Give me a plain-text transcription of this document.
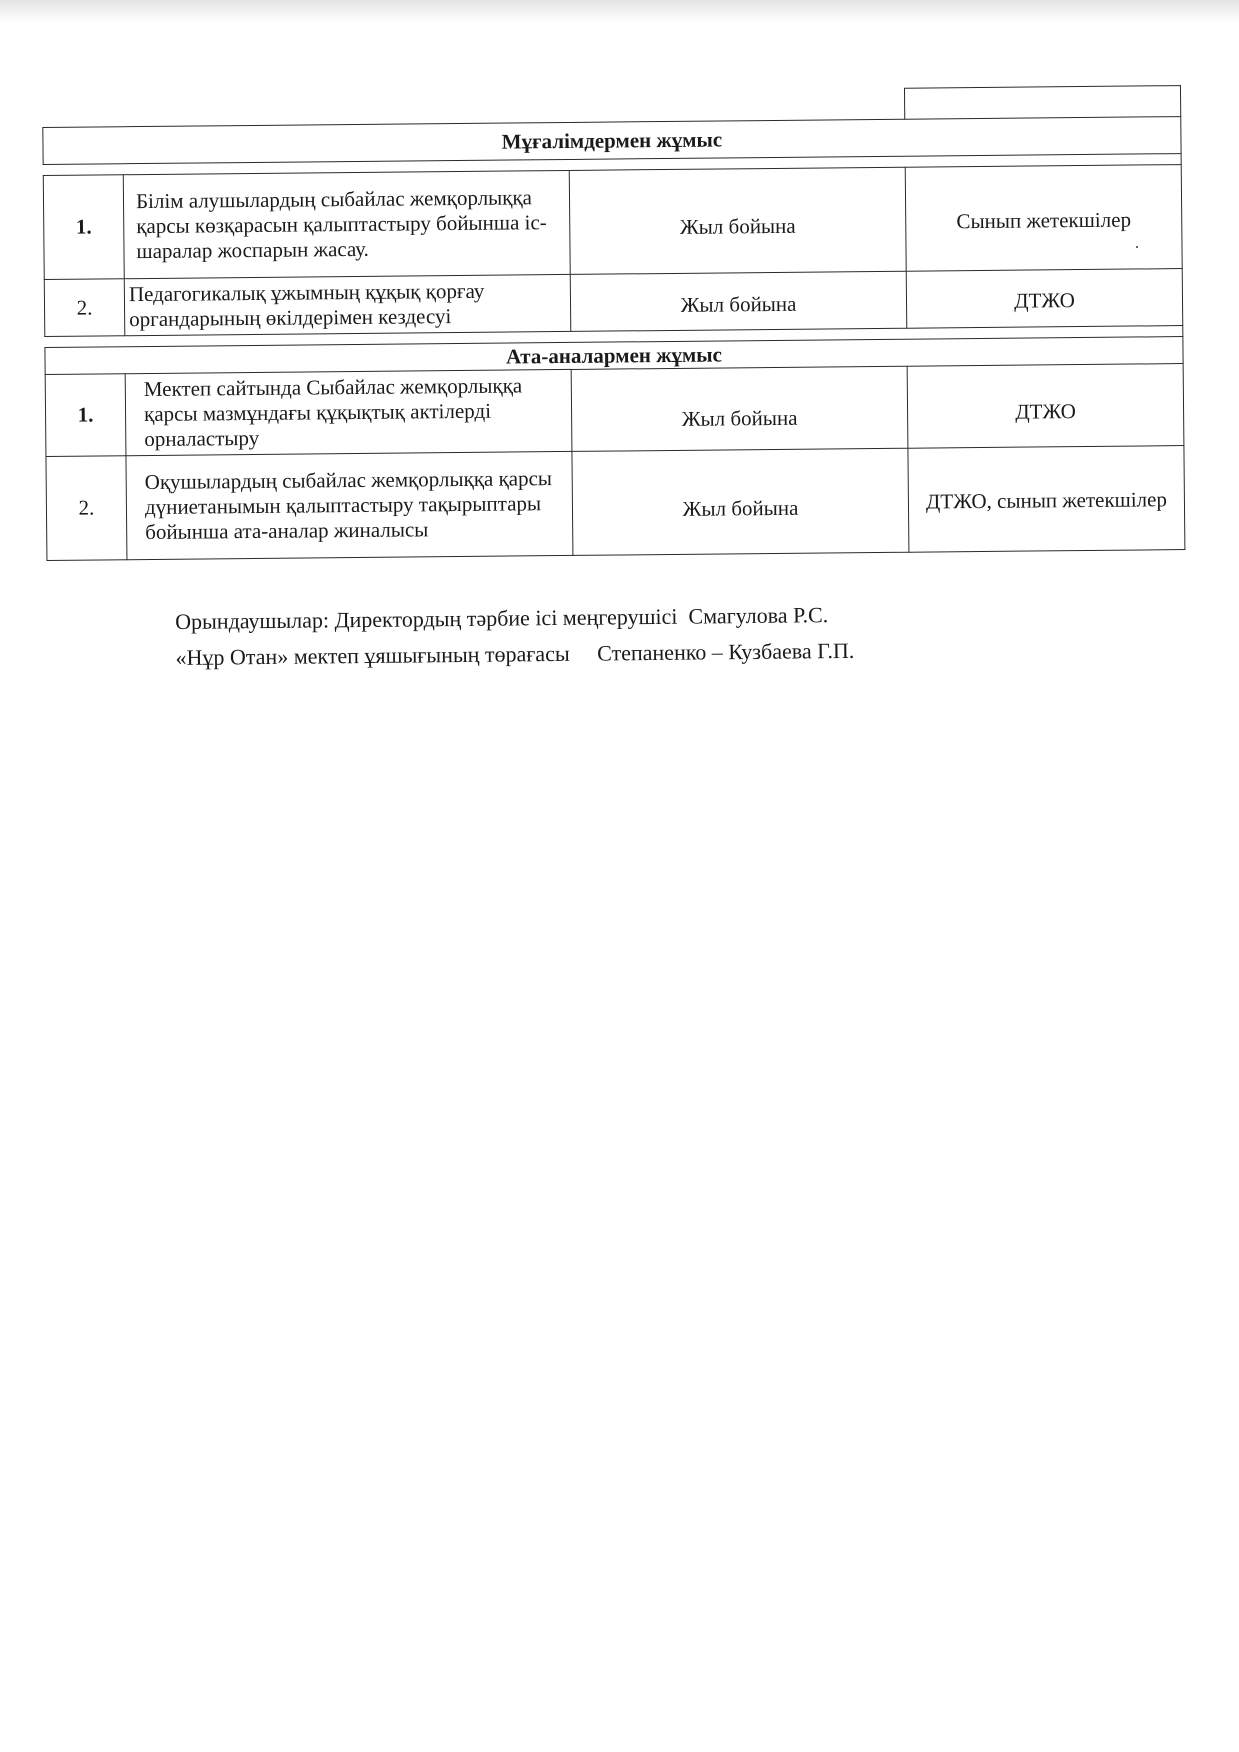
Мұғалімдермен жұмыс			

1.	Білім алушылардың сыбайлас жемқорлыққа қарсы көзқарасын қалыптастыру бойынша іс-шаралар жоспарын жасау.	Жыл бойына	Сынып жетекшілер
2.	Педагогикалық ұжымның құқық қорғау органдарының өкілдерімен кездесуі	Жыл бойына	ДТЖО

Ата-аналармен жұмыс			
1.	Мектеп сайтында Сыбайлас жемқорлыққа қарсы мазмұндағы құқықтық актілерді орналастыру	Жыл бойына	ДТЖО
2.	Оқушылардың сыбайлас жемқорлыққа қарсы дүниетанымын қалыптастыру тақырыптары бойынша ата-аналар жиналысы	Жыл бойына	ДТЖО, сынып жетекшілер
Орындаушылар: Директордың тәрбие ісі меңгерушісі  Смагулова Р.С.
«Нұр Отан» мектеп ұяшығының төрағасы     Степаненко – Кузбаева Г.П.
